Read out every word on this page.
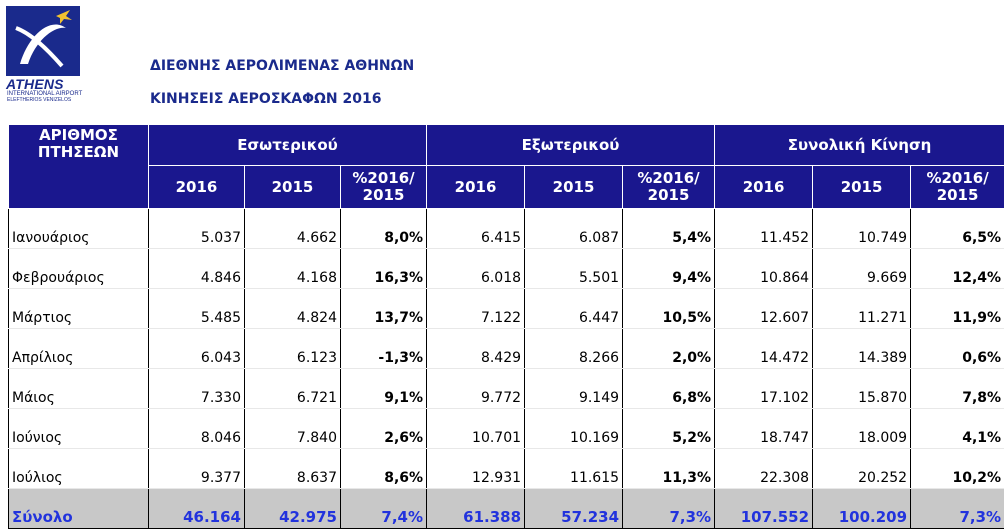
ATHENS
INTERNATIONAL AIRPORT
ELEFTHERIOS VENIZELOS
ΔΙΕΘΝΗΣ ΑΕΡΟΛΙΜΕΝΑΣ ΑΘΗΝΩΝ
ΚΙΝΗΣΕΙΣ ΑΕΡΟΣΚΑΦΩΝ 2016
ΑΡΙΘΜΟΣ ΠΤΗΣΕΩΝ	Εσωτερικού			Εξωτερικού			Συνολική Κίνηση		
	2016	2015	%2016/ 2015	2016	2015	%2016/ 2015	2016	2015	%2016/ 2015
Ιανουάριος	5.037	4.662	8,0%	6.415	6.087	5,4%	11.452	10.749	6,5%
Φεβρουάριος	4.846	4.168	16,3%	6.018	5.501	9,4%	10.864	9.669	12,4%
Μάρτιος	5.485	4.824	13,7%	7.122	6.447	10,5%	12.607	11.271	11,9%
Απρίλιος	6.043	6.123	-1,3%	8.429	8.266	2,0%	14.472	14.389	0,6%
Μάιος	7.330	6.721	9,1%	9.772	9.149	6,8%	17.102	15.870	7,8%
Ιούνιος	8.046	7.840	2,6%	10.701	10.169	5,2%	18.747	18.009	4,1%
Ιούλιος	9.377	8.637	8,6%	12.931	11.615	11,3%	22.308	20.252	10,2%
Σύνολο	46.164	42.975	7,4%	61.388	57.234	7,3%	107.552	100.209	7,3%
